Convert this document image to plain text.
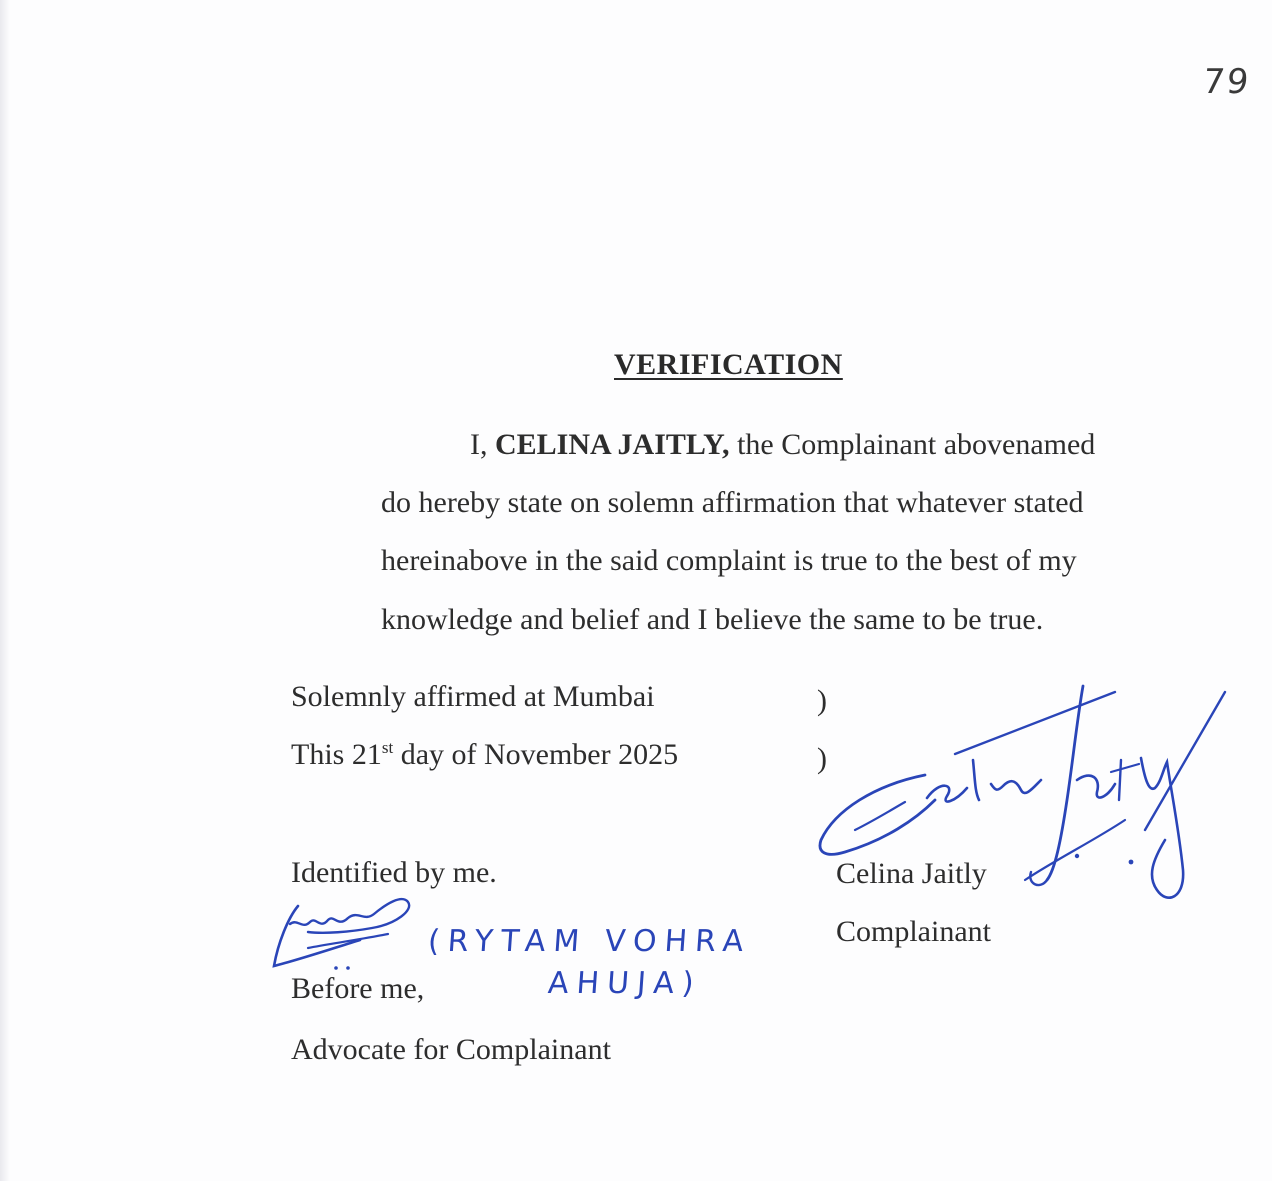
79
VERIFICATION
I, CELINA JAITLY, the Complainant abovenamed
do hereby state on solemn affirmation that whatever stated
hereinabove in the said complaint is true to the best of my
knowledge and belief and I believe the same to be true.
Solemnly affirmed at Mumbai	)
This 21st day of November 2025	)
Identified by me.	Celina Jaitly
Complainant
Before me,
Advocate for Complainant
(RYTAM VOHRA
AHUJA)
